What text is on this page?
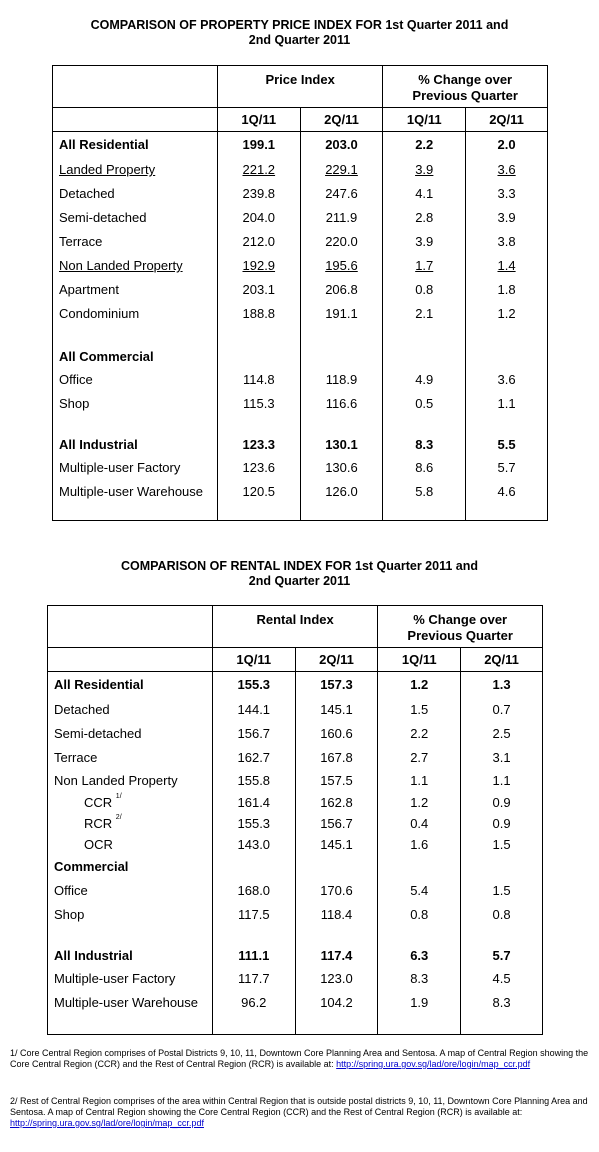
COMPARISON OF PROPERTY PRICE INDEX FOR 1st Quarter 2011 and
2nd Quarter 2011
	Price Index		% Change over
Previous Quarter	

	1Q/11	2Q/11	1Q/11	2Q/11
All Residential	199.1	203.0	2.2	2.0
Landed Property	221.2	229.1	3.9	3.6
Detached	239.8	247.6	4.1	3.3
Semi-detached	204.0	211.9	2.8	3.9
Terrace	212.0	220.0	3.9	3.8
Non Landed Property	192.9	195.6	1.7	1.4
Apartment	203.1	206.8	0.8	1.8
Condominium	188.8	191.1	2.1	1.2
All Commercial				
Office	114.8	118.9	4.9	3.6
Shop	115.3	116.6	0.5	1.1
All Industrial	123.3	130.1	8.3	5.5
Multiple-user Factory	123.6	130.6	8.6	5.7
Multiple-user Warehouse	120.5	126.0	5.8	4.6

COMPARISON OF RENTAL INDEX FOR 1st Quarter 2011 and
2nd Quarter 2011
	Rental Index		% Change over
Previous Quarter	

	1Q/11	2Q/11	1Q/11	2Q/11
All Residential	155.3	157.3	1.2	1.3
Detached	144.1	145.1	1.5	0.7
Semi-detached	156.7	160.6	2.2	2.5
Terrace	162.7	167.8	2.7	3.1
Non Landed Property	155.8	157.5	1.1	1.1
CCR $^{1/}$	161.4	162.8	1.2	0.9
RCR $^{2/}$	155.3	156.7	0.4	0.9
OCR	143.0	145.1	1.6	1.5
Commercial				
Office	168.0	170.6	5.4	1.5
Shop	117.5	118.4	0.8	0.8
All Industrial	111.1	117.4	6.3	5.7
Multiple-user Factory	117.7	123.0	8.3	4.5
Multiple-user Warehouse	96.2	104.2	1.9	8.3

1/ Core Central Region comprises of Postal Districts 9, 10, 11, Downtown Core Planning Area and Sentosa. A map of Central Region showing the Core Central Region (CCR) and the Rest of Central Region (RCR) is available at: http://spring.ura.gov.sg/lad/ore/login/map_ccr.pdf
2/ Rest of Central Region comprises of the area within Central Region that is outside postal districts 9, 10, 11, Downtown Core Planning Area and Sentosa. A map of Central Region showing the Core Central Region (CCR) and the Rest of Central Region (RCR) is available at: http://spring.ura.gov.sg/lad/ore/login/map_ccr.pdf
